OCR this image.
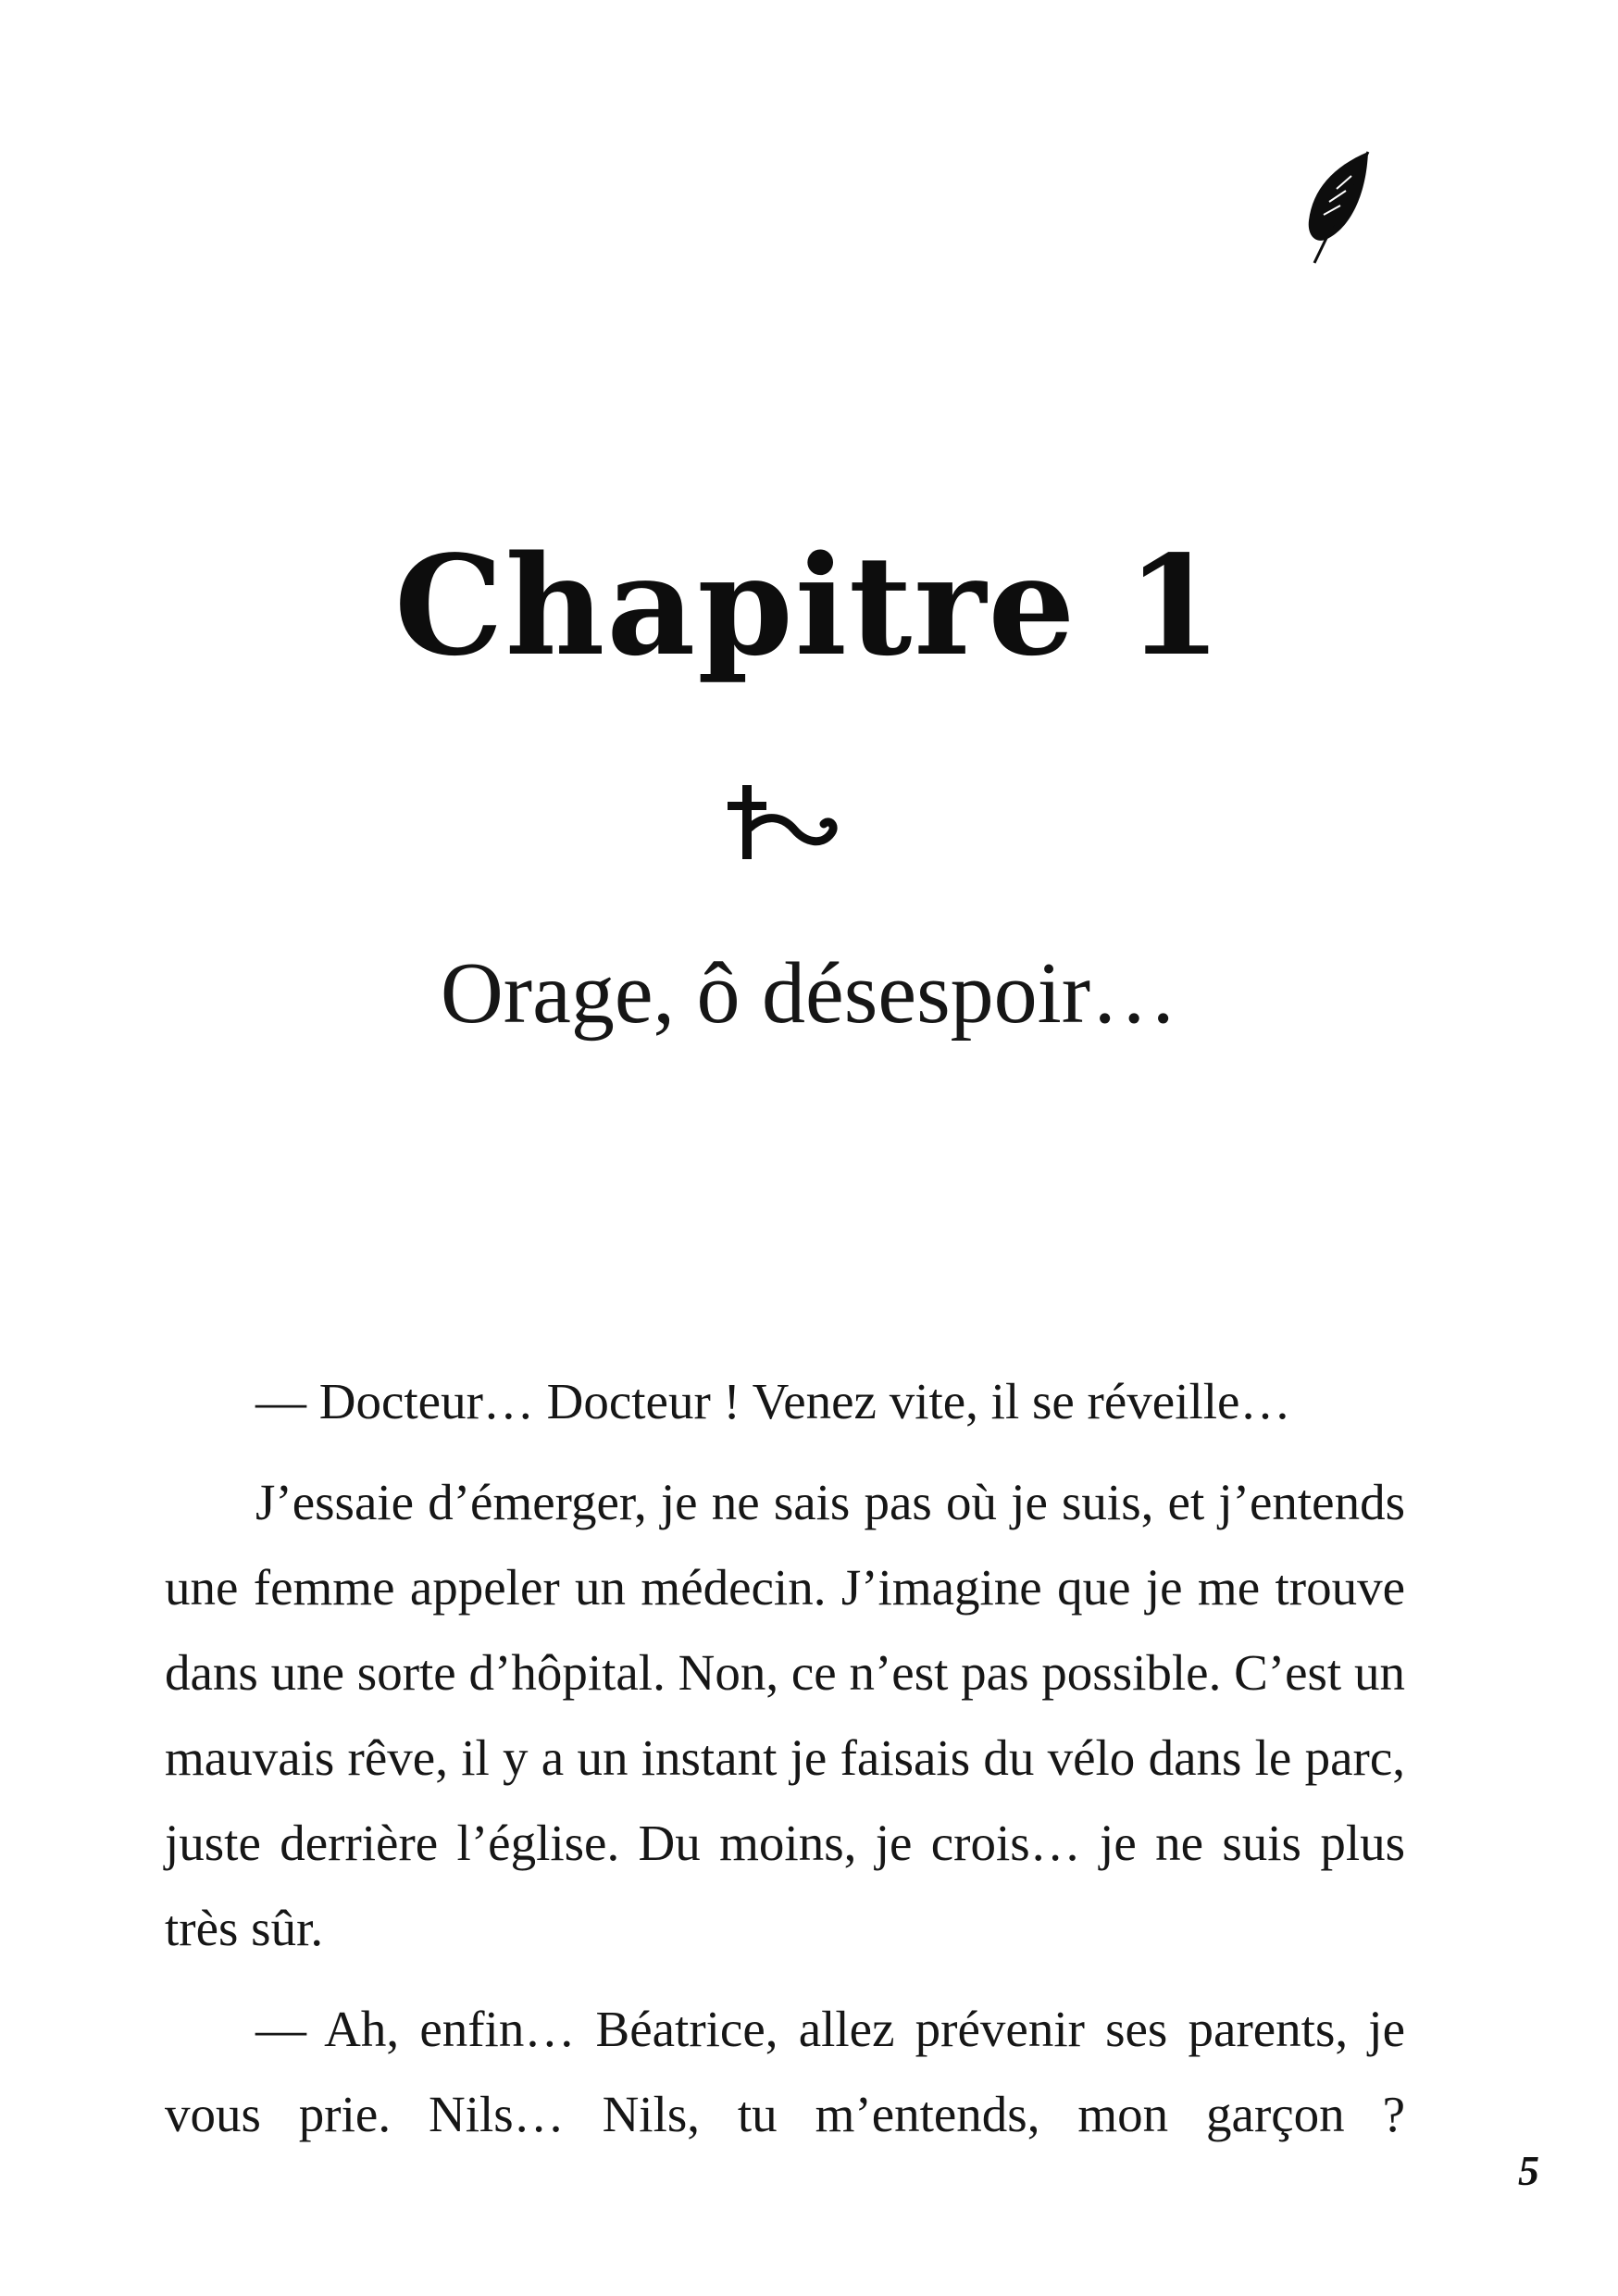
Chapitre 1
Orage, ô désespoir…

— Docteur… Docteur ! Venez vite, il se réveille…

J’essaie d’émerger, je ne sais pas où je suis, et j’entends une femme appeler un médecin. J’imagine que je me trouve dans une sorte d’hôpital. Non, ce n’est pas possible. C’est un mauvais rêve, il y a un instant je faisais du vélo dans le parc, juste derrière l’église. Du moins, je crois… je ne suis plus très sûr.

— Ah, enfin… Béatrice, allez prévenir ses parents, je vous prie. Nils… Nils, tu m’entends, mon garçon ?

5
